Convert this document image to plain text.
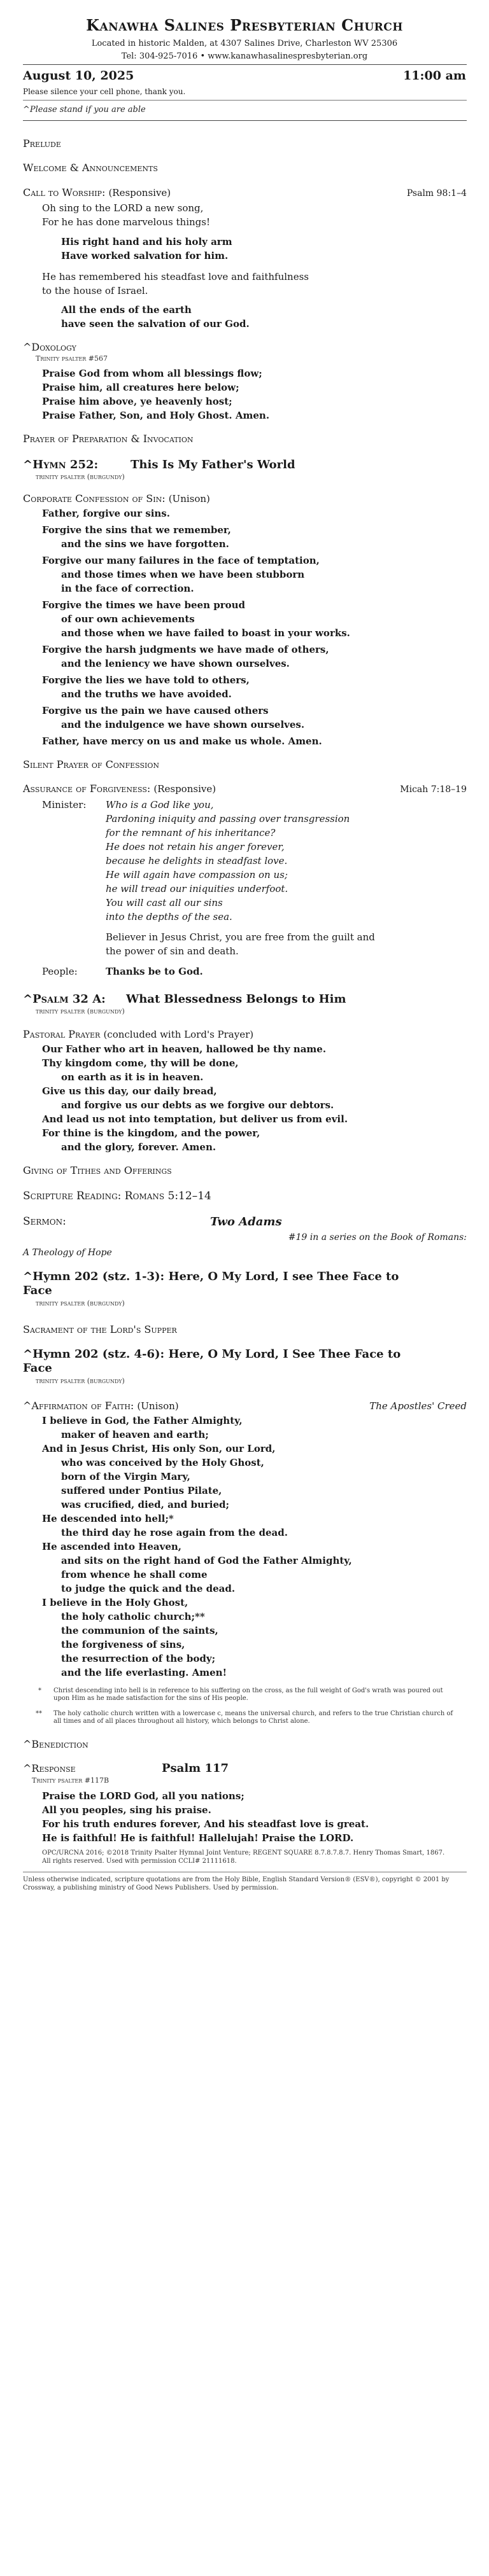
Kanawha Salines Presbyterian Church
Located in historic Malden, at 4307 Salines Drive, Charleston WV 25306
Tel: 304-925-7016 • www.kanawhasalinespresbyterian.org
August 10, 2025	11:00 am
Please silence your cell phone, thank you.
^Please stand if you are able
Prelude
Welcome & Announcements
Call to Worship: (Responsive)	Psalm 98:1–4
Oh sing to the LORD a new song,
For he has done marvelous things!
His right hand and his holy arm
Have worked salvation for him.
He has remembered his steadfast love and faithfulness
to the house of Israel.
All the ends of the earth
have seen the salvation of our God.
^Doxology
Trinity psalter #567
Praise God from whom all blessings flow;
Praise him, all creatures here below;
Praise him above, ye heavenly host;
Praise Father, Son, and Holy Ghost. Amen.
Prayer of Preparation & Invocation
^Hymn 252:	This Is My Father's World
trinity psalter (burgundy)
Corporate Confession of Sin: (Unison)
Father, forgive our sins.
Forgive the sins that we remember,
and the sins we have forgotten.
Forgive our many failures in the face of temptation,
and those times when we have been stubborn
in the face of correction.
Forgive the times we have been proud
of our own achievements
and those when we have failed to boast in your works.
Forgive the harsh judgments we have made of others,
and the leniency we have shown ourselves.
Forgive the lies we have told to others,
and the truths we have avoided.
Forgive us the pain we have caused others
and the indulgence we have shown ourselves.
Father, have mercy on us and make us whole. Amen.
Silent Prayer of Confession
Assurance of Forgiveness: (Responsive)	Micah 7:18–19
Minister: Who is a God like you,
Pardoning iniquity and passing over transgression
for the remnant of his inheritance?
He does not retain his anger forever,
because he delights in steadfast love.
He will again have compassion on us;
he will tread our iniquities underfoot.
You will cast all our sins
into the depths of the sea.
Believer in Jesus Christ, you are free from the guilt and
the power of sin and death.
People:	Thanks be to God.
^Psalm 32 A: What Blessedness Belongs to Him
trinity psalter (burgundy)
Pastoral Prayer (concluded with Lord's Prayer)
Our Father who art in heaven, hallowed be thy name.
Thy kingdom come, thy will be done,
on earth as it is in heaven.
Give us this day, our daily bread,
and forgive us our debts as we forgive our debtors.
And lead us not into temptation, but deliver us from evil.
For thine is the kingdom, and the power,
and the glory, forever. Amen.
Giving of Tithes and Offerings
Scripture Reading: Romans 5:12–14
Sermon:	Two Adams
#19 in a series on the Book of Romans:
A Theology of Hope
^Hymn 202 (stz. 1-3): Here, O My Lord, I see Thee Face to
Face
trinity psalter (burgundy)
Sacrament of the Lord's Supper
^Hymn 202 (stz. 4-6): Here, O My Lord, I See Thee Face to
Face
trinity psalter (burgundy)
^Affirmation of Faith: (Unison)	The Apostles' Creed
I believe in God, the Father Almighty,
maker of heaven and earth;
And in Jesus Christ, His only Son, our Lord,
who was conceived by the Holy Ghost,
born of the Virgin Mary,
suffered under Pontius Pilate,
was crucified, died, and buried;
He descended into hell;*
the third day he rose again from the dead.
He ascended into Heaven,
and sits on the right hand of God the Father Almighty,
from whence he shall come
to judge the quick and the dead.
I believe in the Holy Ghost,
the holy catholic church;**
the communion of the saints,
the forgiveness of sins,
the resurrection of the body;
and the life everlasting. Amen!
* Christ descending into hell is in reference to his suffering on the cross, as the full weight of God's wrath was poured out upon Him as he made satisfaction for the sins of His people.
** The holy catholic church written with a lowercase c, means the universal church, and refers to the true Christian church of all times and of all places throughout all history, which belongs to Christ alone.
^Benediction
^Response	Psalm 117
Trinity psalter #117B
Praise the LORD God, all you nations;
All you peoples, sing his praise.
For his truth endures forever, And his steadfast love is great.
He is faithful! He is faithful! Hallelujah! Praise the LORD.
OPC/URCNA 2016; ©2018 Trinity Psalter Hymnal Joint Venture; REGENT SQUARE 8.7.8.7.8.7. Henry Thomas Smart, 1867. All rights reserved. Used with permission CCLI# 21111618.
Unless otherwise indicated, scripture quotations are from the Holy Bible, English Standard Version® (ESV®), copyright © 2001 by Crossway, a publishing ministry of Good News Publishers. Used by permission.
